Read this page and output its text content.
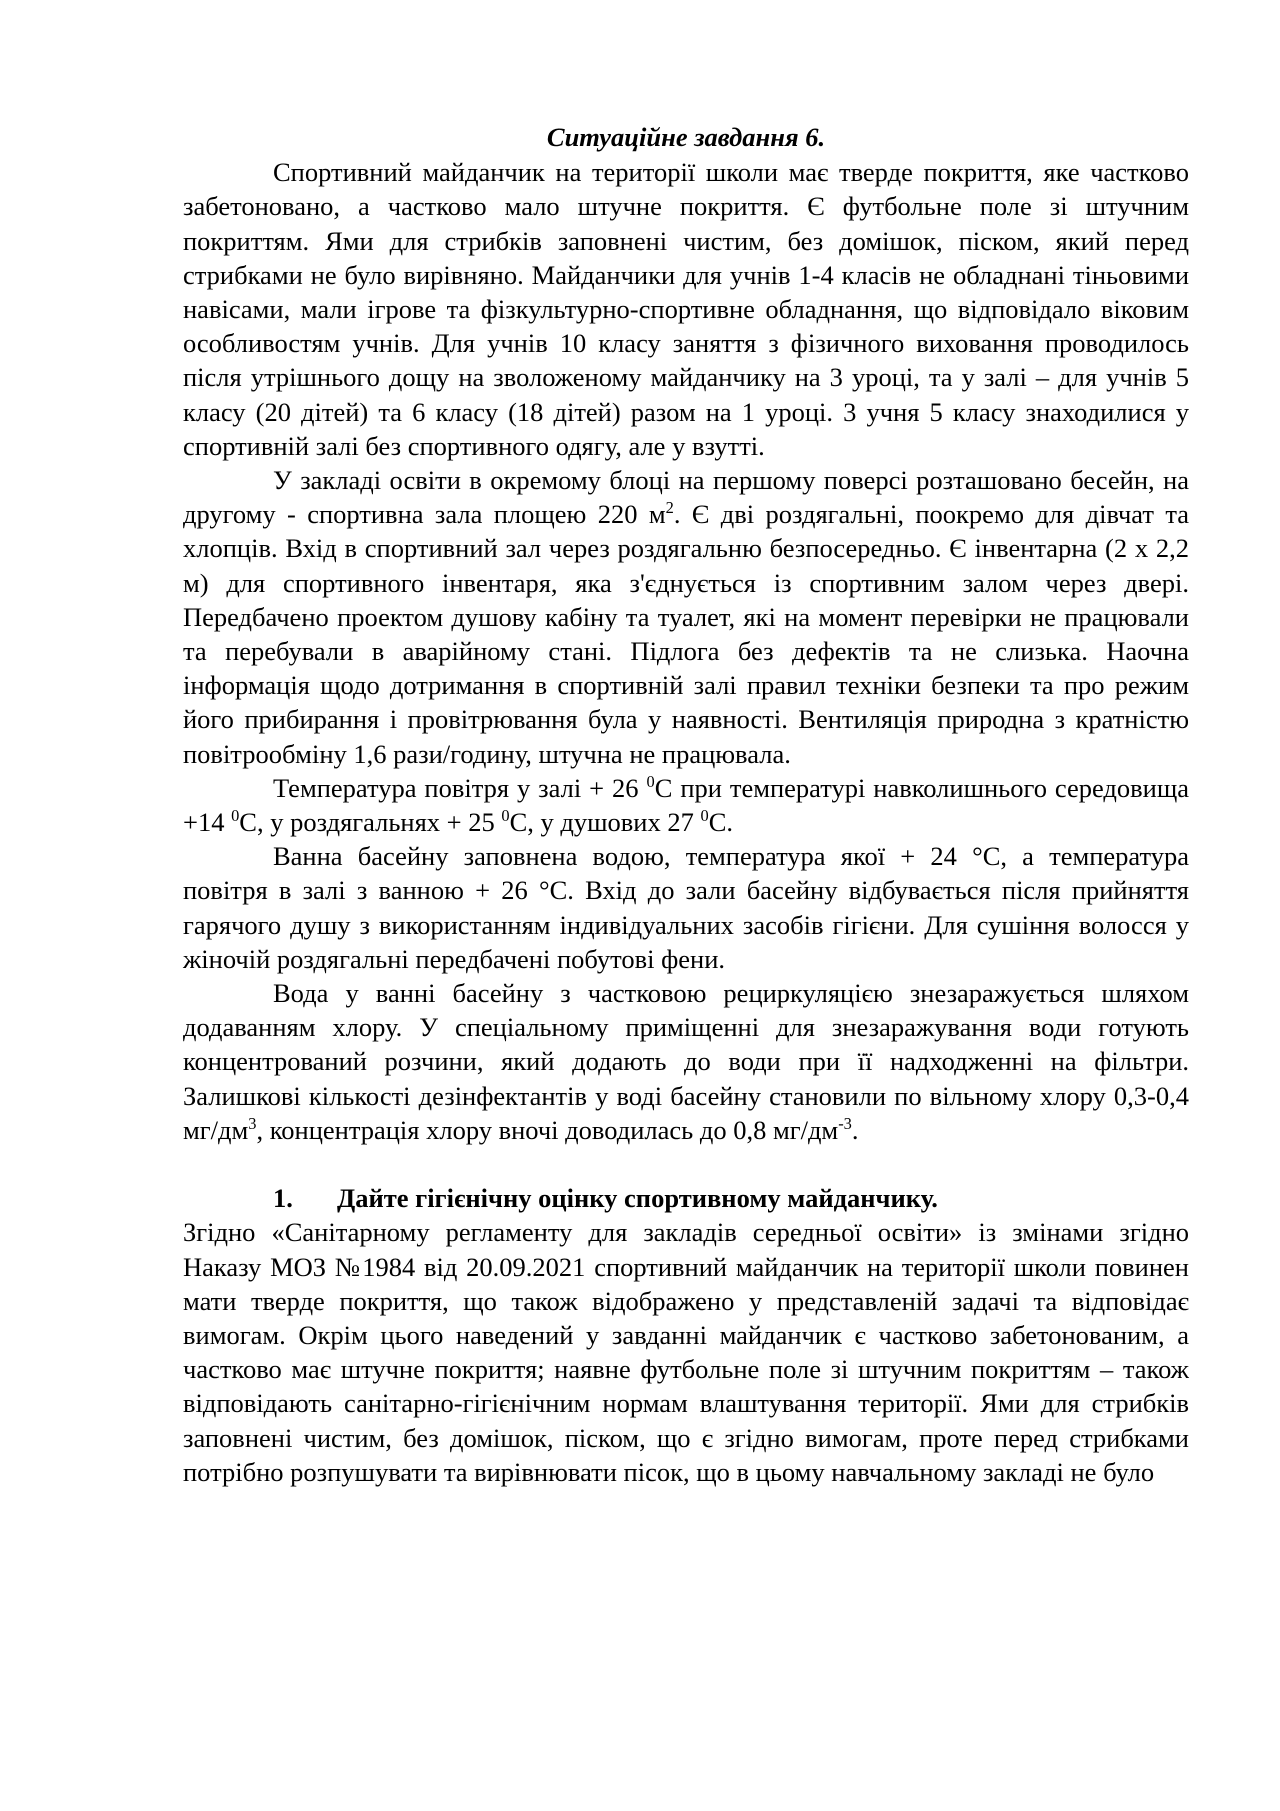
Ситуаційне завдання 6.

Спортивний майданчик на території школи має тверде покриття, яке частково забетоновано, а частково мало штучне покриття. Є футбольне поле зі штучним покриттям. Ями для стрибків заповнені чистим, без домішок, піском, який перед стрибками не було вирівняно. Майданчики для учнів 1-4 класів не обладнані тіньовими навісами, мали ігрове та фізкультурно-спортивне обладнання, що відповідало віковим особливостям учнів. Для учнів 10 класу заняття з фізичного виховання проводилось після утрішнього дощу на зволоженому майданчику на 3 уроці, та у залі – для учнів 5 класу (20 дітей) та 6 класу (18 дітей) разом на 1 уроці. 3 учня 5 класу знаходилися у спортивній залі без спортивного одягу, але у взутті.

У закладі освіти в окремому блоці на першому поверсі розташовано бесейн, на другому - спортивна зала площею 220 $м^2$. Є дві роздягальні, поокремо для дівчат та хлопців. Вхід в спортивний зал через роздягальню безпосередньо. Є інвентарна (2 х 2,2 м) для спортивного інвентаря, яка з'єднується із спортивним залом через двері. Передбачено проектом душову кабіну та туалет, які на момент перевірки не працювали та перебували в аварійному стані. Підлога без дефектів та не слизька. Наочна інформація щодо дотримання в спортивній залі правил техніки безпеки та про режим його прибирання і провітрювання була у наявності. Вентиляція природна з кратністю повітрообміну 1,6 рази/годину, штучна не працювала.

Температура повітря у залі + 26 $^0$С при температурі навколишнього середовища +14 $^0$С, у роздягальнях + 25 $^0$С, у душових 27 $^0$С.

Ванна басейну заповнена водою, температура якої + 24 °С, а температура повітря в залі з ванною + 26 °С. Вхід до зали басейну відбувається після прийняття гарячого душу з використанням індивідуальних засобів гігієни. Для сушіння волосся у жіночій роздягальні передбачені побутові фени.

Вода у ванні басейну з частковою рециркуляцією знезаражується шляхом додаванням хлору. У спеціальному приміщенні для знезаражування води готують концентрований розчини, який додають до води при її надходженні на фільтри. Залишкові кількості дезінфектантів у воді басейну становили по вільному хлору 0,3-0,4 $мг/дм^3$, концентрація хлору вночі доводилась до 0,8 $мг/дм^{-3}$.

1. Дайте гігієнічну оцінку спортивному майданчику.

Згідно «Санітарному регламенту для закладів середньої освіти» із змінами згідно Наказу МОЗ №1984 від 20.09.2021 спортивний майданчик на території школи повинен мати тверде покриття, що також відображено у представленій задачі та відповідає вимогам. Окрім цього наведений у завданні майданчик є частково забетонованим, а частково має штучне покриття; наявне футбольне поле зі штучним покриттям – також відповідають санітарно-гігієнічним нормам влаштування території. Ями для стрибків заповнені чистим, без домішок, піском, що є згідно вимогам, проте перед стрибками потрібно розпушувати та вирівнювати пісок, що в цьому навчальному закладі не було
